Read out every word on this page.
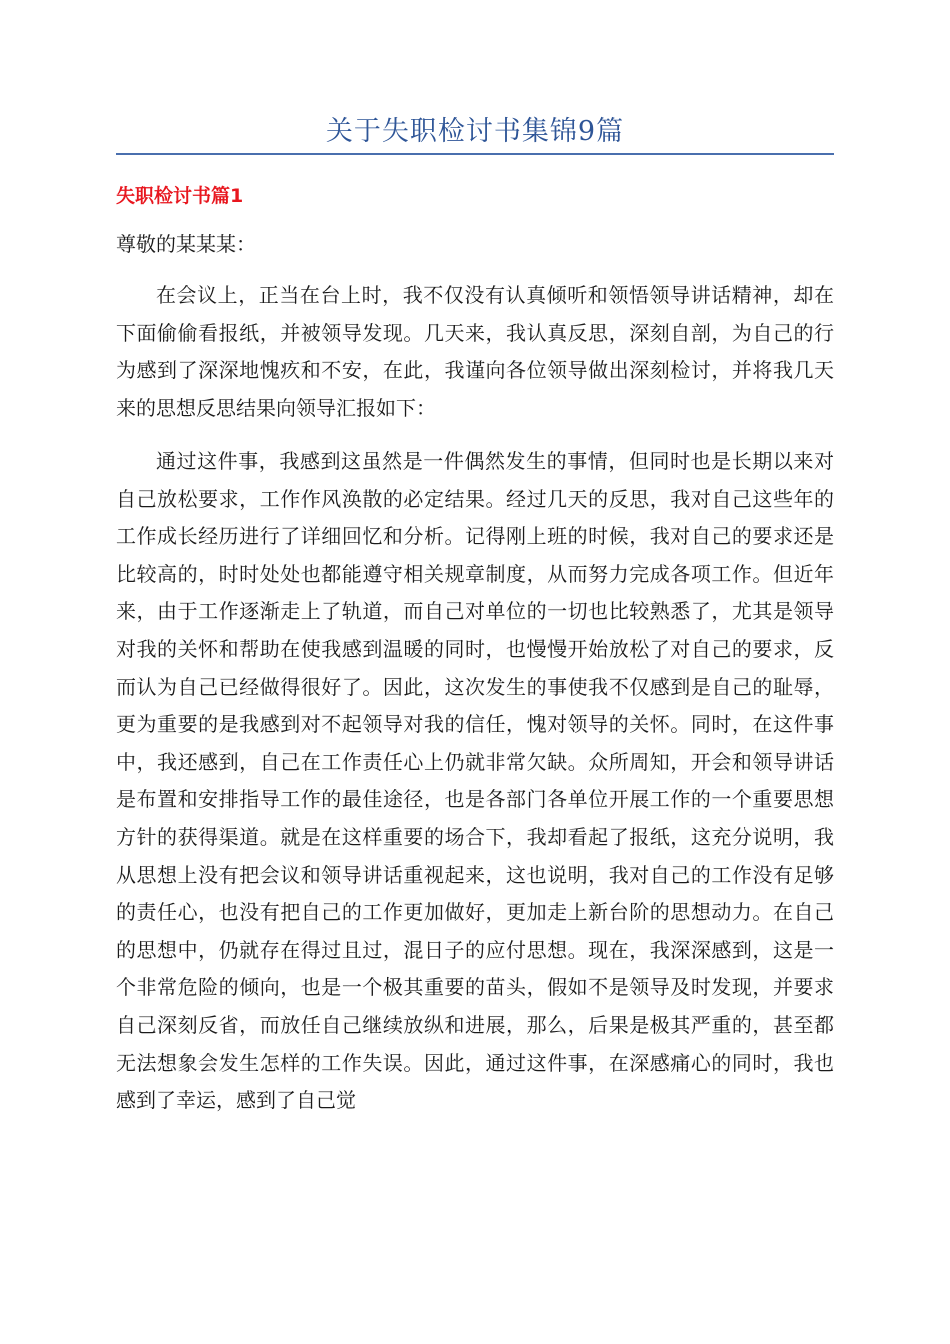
关于失职检讨书集锦9篇
失职检讨书篇1
尊敬的某某某：
在会议上，正当在台上时，我不仅没有认真倾听和领悟领导讲话精神，却在下面偷偷看报纸，并被领导发现。几天来，我认真反思，深刻自剖，为自己的行为感到了深深地愧疚和不安，在此，我谨向各位领导做出深刻检讨，并将我几天来的思想反思结果向领导汇报如下：
通过这件事，我感到这虽然是一件偶然发生的事情，但同时也是长期以来对自己放松要求，工作作风涣散的必定结果。经过几天的反思，我对自己这些年的工作成长经历进行了详细回忆和分析。记得刚上班的时候，我对自己的要求还是比较高的，时时处处也都能遵守相关规章制度，从而努力完成各项工作。但近年来，由于工作逐渐走上了轨道，而自己对单位的一切也比较熟悉了，尤其是领导对我的关怀和帮助在使我感到温暖的同时，也慢慢开始放松了对自己的要求，反而认为自己已经做得很好了。因此，这次发生的事使我不仅感到是自己的耻辱，更为重要的是我感到对不起领导对我的信任，愧对领导的关怀。同时，在这件事中，我还感到，自己在工作责任心上仍就非常欠缺。众所周知，开会和领导讲话是布置和安排指导工作的最佳途径，也是各部门各单位开展工作的一个重要思想方针的获得渠道。就是在这样重要的场合下，我却看起了报纸，这充分说明，我从思想上没有把会议和领导讲话重视起来，这也说明，我对自己的工作没有足够的责任心，也没有把自己的工作更加做好，更加走上新台阶的思想动力。在自己的思想中，仍就存在得过且过，混日子的应付思想。现在，我深深感到，这是一个非常危险的倾向，也是一个极其重要的苗头，假如不是领导及时发现，并要求自己深刻反省，而放任自己继续放纵和进展，那么，后果是极其严重的，甚至都无法想象会发生怎样的工作失误。因此，通过这件事，在深感痛心的同时，我也感到了幸运，感到了自己觉
